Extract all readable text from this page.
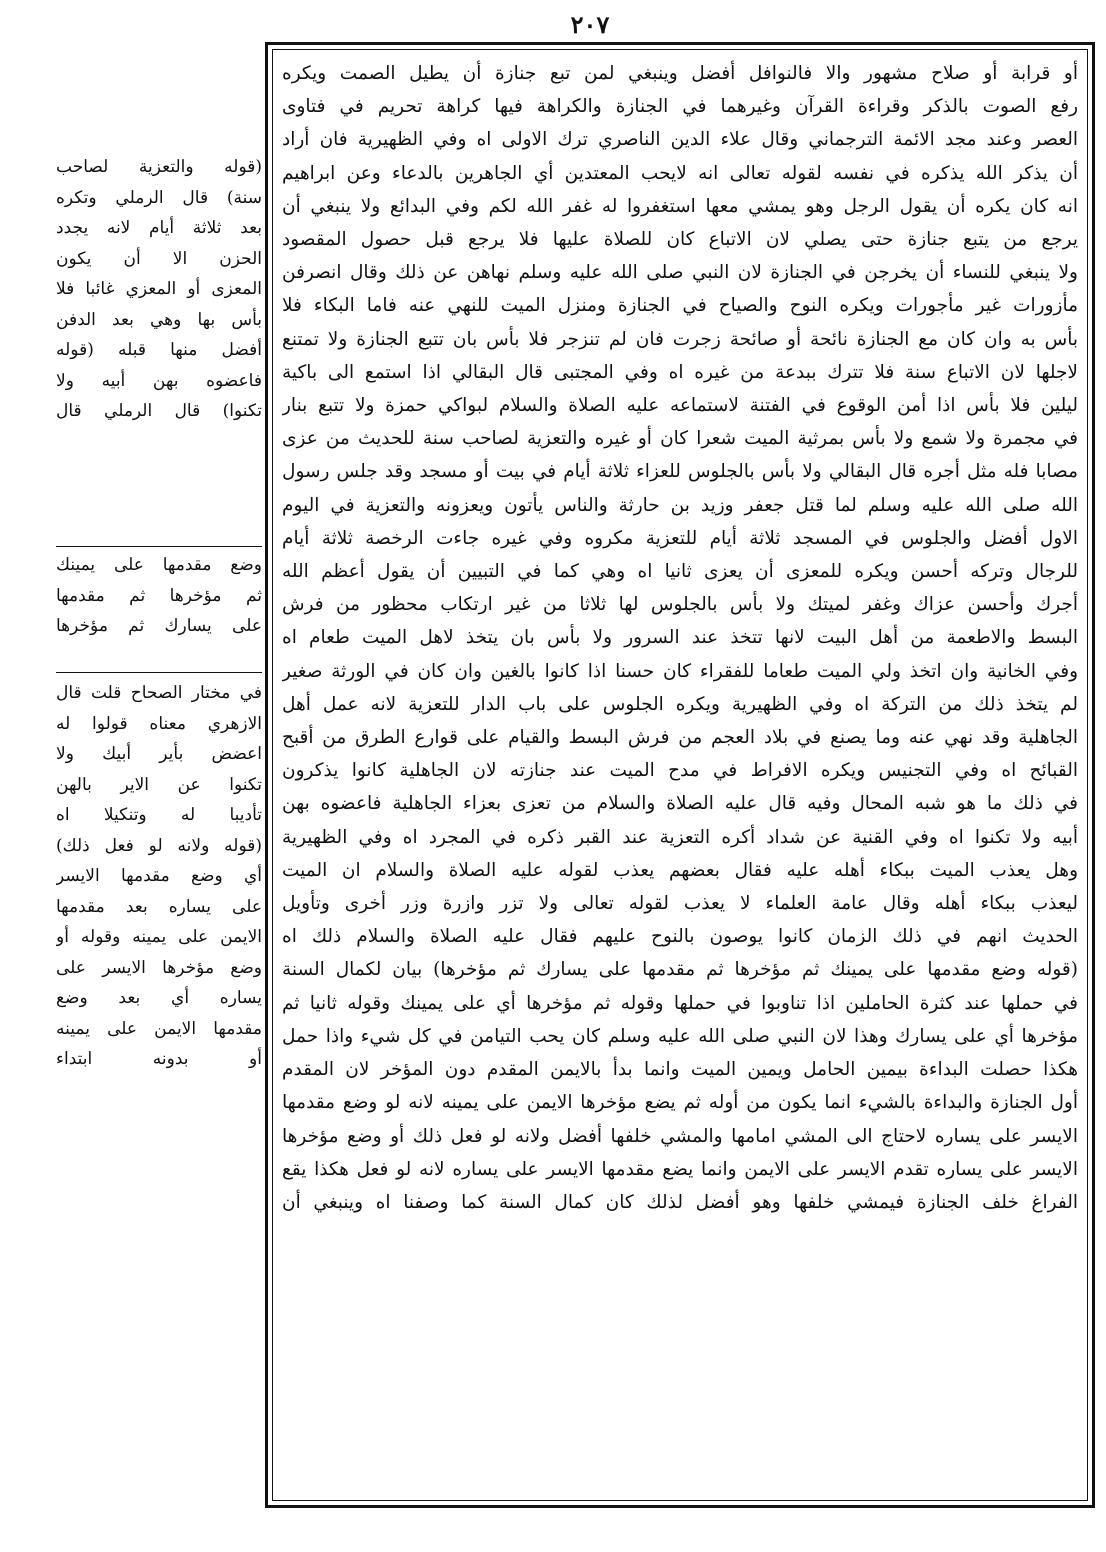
٢٠٧
أو قرابة أو صلاح مشهور والا فالنوافل أفضل وينبغي لمن تبع جنازة أن يطيل الصمت ويكره
رفع الصوت بالذكر وقراءة القرآن وغيرهما في الجنازة والكراهة فيها كراهة تحريم في فتاوى
العصر وعند مجد الائمة الترجماني وقال علاء الدين الناصري ترك الاولى اه وفي الظهيرية فان أراد
أن يذكر الله يذكره في نفسه لقوله تعالى انه لايحب المعتدين أي الجاهرين بالدعاء وعن ابراهيم
انه كان يكره أن يقول الرجل وهو يمشي معها استغفروا له غفر الله لكم وفي البدائع ولا ينبغي أن
يرجع من يتبع جنازة حتى يصلي لان الاتباع كان للصلاة عليها فلا يرجع قبل حصول المقصود
ولا ينبغي للنساء أن يخرجن في الجنازة لان النبي صلى الله عليه وسلم نهاهن عن ذلك وقال انصرفن
مأزورات غير مأجورات ويكره النوح والصياح في الجنازة ومنزل الميت للنهي عنه فاما البكاء فلا
بأس به وان كان مع الجنازة نائحة أو صائحة زجرت فان لم تنزجر فلا بأس بان تتبع الجنازة ولا تمتنع
لاجلها لان الاتباع سنة فلا تترك ببدعة من غيره اه وفي المجتبى قال البقالي اذا استمع الى باكية
ليلين فلا بأس اذا أمن الوقوع في الفتنة لاستماعه عليه الصلاة والسلام لبواكي حمزة ولا تتبع بنار
في مجمرة ولا شمع ولا بأس بمرثية الميت شعرا كان أو غيره والتعزية لصاحب سنة للحديث من عزى
مصابا فله مثل أجره قال البقالي ولا بأس بالجلوس للعزاء ثلاثة أيام في بيت أو مسجد وقد جلس رسول
الله صلى الله عليه وسلم لما قتل جعفر وزيد بن حارثة والناس يأتون ويعزونه والتعزية في اليوم
الاول أفضل والجلوس في المسجد ثلاثة أيام للتعزية مكروه وفي غيره جاءت الرخصة ثلاثة أيام
للرجال وتركه أحسن ويكره للمعزى أن يعزى ثانيا اه وهي كما في التبيين أن يقول أعظم الله
أجرك وأحسن عزاك وغفر لميتك ولا بأس بالجلوس لها ثلاثا من غير ارتكاب محظور من فرش
البسط والاطعمة من أهل البيت لانها تتخذ عند السرور ولا بأس بان يتخذ لاهل الميت طعام اه
وفي الخانية وان اتخذ ولي الميت طعاما للفقراء كان حسنا اذا كانوا بالغين وان كان في الورثة صغير
لم يتخذ ذلك من التركة اه وفي الظهيرية ويكره الجلوس على باب الدار للتعزية لانه عمل أهل
الجاهلية وقد نهي عنه وما يصنع في بلاد العجم من فرش البسط والقيام على قوارع الطرق من أقبح
القبائح اه وفي التجنيس ويكره الافراط في مدح الميت عند جنازته لان الجاهلية كانوا يذكرون
في ذلك ما هو شبه المحال وفيه قال عليه الصلاة والسلام من تعزى بعزاء الجاهلية فاعضوه بهن
أبيه ولا تكنوا اه وفي القنية عن شداد أكره التعزية عند القبر ذكره في المجرد اه وفي الظهيرية
وهل يعذب الميت ببكاء أهله عليه فقال بعضهم يعذب لقوله عليه الصلاة والسلام ان الميت
ليعذب ببكاء أهله وقال عامة العلماء لا يعذب لقوله تعالى ولا تزر وازرة وزر أخرى وتأويل
الحديث انهم في ذلك الزمان كانوا يوصون بالنوح عليهم فقال عليه الصلاة والسلام ذلك اه
(قوله وضع مقدمها على يمينك ثم مؤخرها ثم مقدمها على يسارك ثم مؤخرها) بيان لكمال السنة
في حملها عند كثرة الحاملين اذا تناوبوا في حملها وقوله ثم مؤخرها أي على يمينك وقوله ثانيا ثم
مؤخرها أي على يسارك وهذا لان النبي صلى الله عليه وسلم كان يحب التيامن في كل شيء واذا حمل
هكذا حصلت البداءة بيمين الحامل ويمين الميت وانما بدأ بالايمن المقدم دون المؤخر لان المقدم
أول الجنازة والبداءة بالشيء انما يكون من أوله ثم يضع مؤخرها الايمن على يمينه لانه لو وضع مقدمها
الايسر على يساره لاحتاج الى المشي امامها والمشي خلفها أفضل ولانه لو فعل ذلك أو وضع مؤخرها
الايسر على يساره تقدم الايسر على الايمن وانما يضع مقدمها الايسر على يساره لانه لو فعل هكذا يقع
الفراغ خلف الجنازة فيمشي خلفها وهو أفضل لذلك كان كمال السنة كما وصفنا اه وينبغي أن
(قوله والتعزية لصاحب
سنة) قال الرملي وتكره
بعد ثلاثة أيام لانه يجدد
الحزن الا أن يكون
المعزى أو المعزي غائبا فلا
بأس بها وهي بعد الدفن
أفضل منها قبله (قوله
فاعضوه بهن أبيه ولا
تكنوا) قال الرملي قال
وضع مقدمها على يمينك
ثم مؤخرها ثم مقدمها
على يسارك ثم مؤخرها
في مختار الصحاح قلت قال
الازهري معناه قولوا له
اعضض بأير أبيك ولا
تكنوا عن الاير بالهن
تأديبا له وتنكيلا اه
(قوله ولانه لو فعل ذلك)
أي وضع مقدمها الايسر
على يساره بعد مقدمها
الايمن على يمينه وقوله أو
وضع مؤخرها الايسر على
يساره أي بعد وضع
مقدمها الايمن على يمينه
أو بدونه ابتداء
